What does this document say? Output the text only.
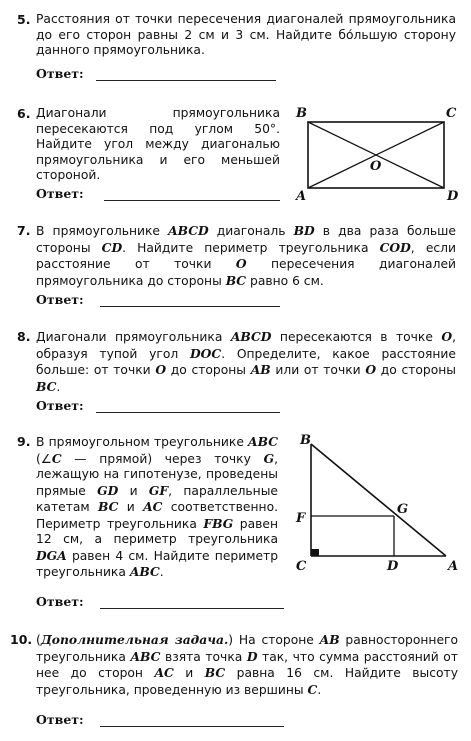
5. Расстояния от точки пересечения диагоналей прямоугольника до его сторон равны 2 см и 3 см. Найдите бо́льшую сторону данного прямоугольника.
Ответ:
6. Диагонали прямоугольника пересекаются под углом 50°. Найдите угол между диагональю прямоугольника и его меньшей стороной.
B	C
A	D
O
Ответ:
7. В прямоугольнике ABCD диагональ BD в два раза больше стороны CD. Найдите периметр треугольника COD, если расстояние от точки O пересечения диагоналей прямоугольника до стороны BC равно 6 см.
Ответ:
8. Диагонали прямоугольника ABCD пересекаются в точке O, образуя тупой угол DOC. Определите, какое расстояние больше: от точки O до стороны AB или от точки O до стороны BC.
Ответ:
9. В прямоугольном треугольнике ABC (∠C — прямой) через точку G, лежащую на гипотенузе, проведены прямые GD и GF, параллельные катетам BC и AC соответственно. Периметр треугольника FBG равен 12 см, а периметр треугольника DGA равен 4 см. Найдите периметр треугольника ABC.
B
G
F
C	D	A
Ответ:
10. (Дополнительная задача.) На стороне AB равностороннего треугольника ABC взята точка D так, что сумма расстояний от нее до сторон AC и BC равна 16 см. Найдите высоту треугольника, проведенную из вершины C.
Ответ:
